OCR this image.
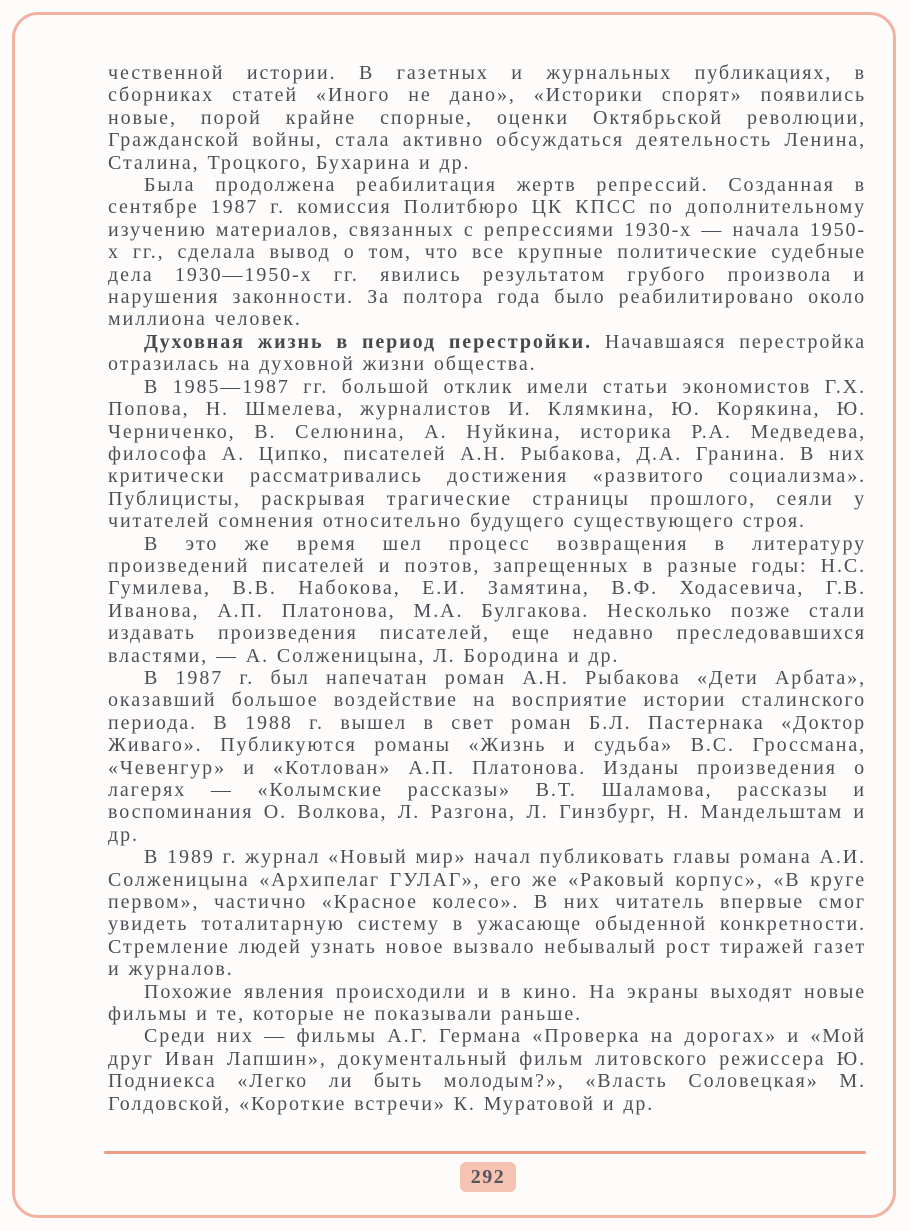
чественной истории. В газетных и журнальных публикациях, в сборниках статей «Иного не дано», «Историки спорят» появились новые, порой крайне спорные, оценки Октябрьской революции, Гражданской войны, стала активно обсуждаться деятельность Ленина, Сталина, Троцкого, Бухарина и др.

Была продолжена реабилитация жертв репрессий. Созданная в сентябре 1987 г. комиссия Политбюро ЦК КПСС по дополнительному изучению материалов, связанных с репрессиями 1930-х — начала 1950-х гг., сделала вывод о том, что все крупные политические судебные дела 1930—1950-х гг. явились результатом грубого произвола и нарушения законности. За полтора года было реабилитировано около миллиона человек.

Духовная жизнь в период перестройки. Начавшаяся перестройка отразилась на духовной жизни общества.

В 1985—1987 гг. большой отклик имели статьи экономистов Г.Х. Попова, Н. Шмелева, журналистов И. Клямкина, Ю. Корякина, Ю. Черниченко, В. Селюнина, А. Нуйкина, историка Р.А. Медведева, философа А. Ципко, писателей А.Н. Рыбакова, Д.А. Гранина. В них критически рассматривались достижения «развитого социализма». Публицисты, раскрывая трагические страницы прошлого, сеяли у читателей сомнения относительно будущего существующего строя.

В это же время шел процесс возвращения в литературу произведений писателей и поэтов, запрещенных в разные годы: Н.С. Гумилева, В.В. Набокова, Е.И. Замятина, В.Ф. Ходасевича, Г.В. Иванова, А.П. Платонова, М.А. Булгакова. Несколько позже стали издавать произведения писателей, еще недавно преследовавшихся властями, — А. Солженицына, Л. Бородина и др.

В 1987 г. был напечатан роман А.Н. Рыбакова «Дети Арбата», оказавший большое воздействие на восприятие истории сталинского периода. В 1988 г. вышел в свет роман Б.Л. Пастернака «Доктор Живаго». Публикуются романы «Жизнь и судьба» В.С. Гроссмана, «Чевенгур» и «Котлован» А.П. Платонова. Изданы произведения о лагерях — «Колымские рассказы» В.Т. Шаламова, рассказы и воспоминания О. Волкова, Л. Разгона, Л. Гинзбург, Н. Мандельштам и др.

В 1989 г. журнал «Новый мир» начал публиковать главы романа А.И. Солженицына «Архипелаг ГУЛАГ», его же «Раковый корпус», «В круге первом», частично «Красное колесо». В них читатель впервые смог увидеть тоталитарную систему в ужасающе обыденной конкретности. Стремление людей узнать новое вызвало небывалый рост тиражей газет и журналов.

Похожие явления происходили и в кино. На экраны выходят новые фильмы и те, которые не показывали раньше.

Среди них — фильмы А.Г. Германа «Проверка на дорогах» и «Мой друг Иван Лапшин», документальный фильм литовского режиссера Ю. Подниекса «Легко ли быть молодым?», «Власть Соловецкая» М. Голдовской, «Короткие встречи» К. Муратовой и др.

292
